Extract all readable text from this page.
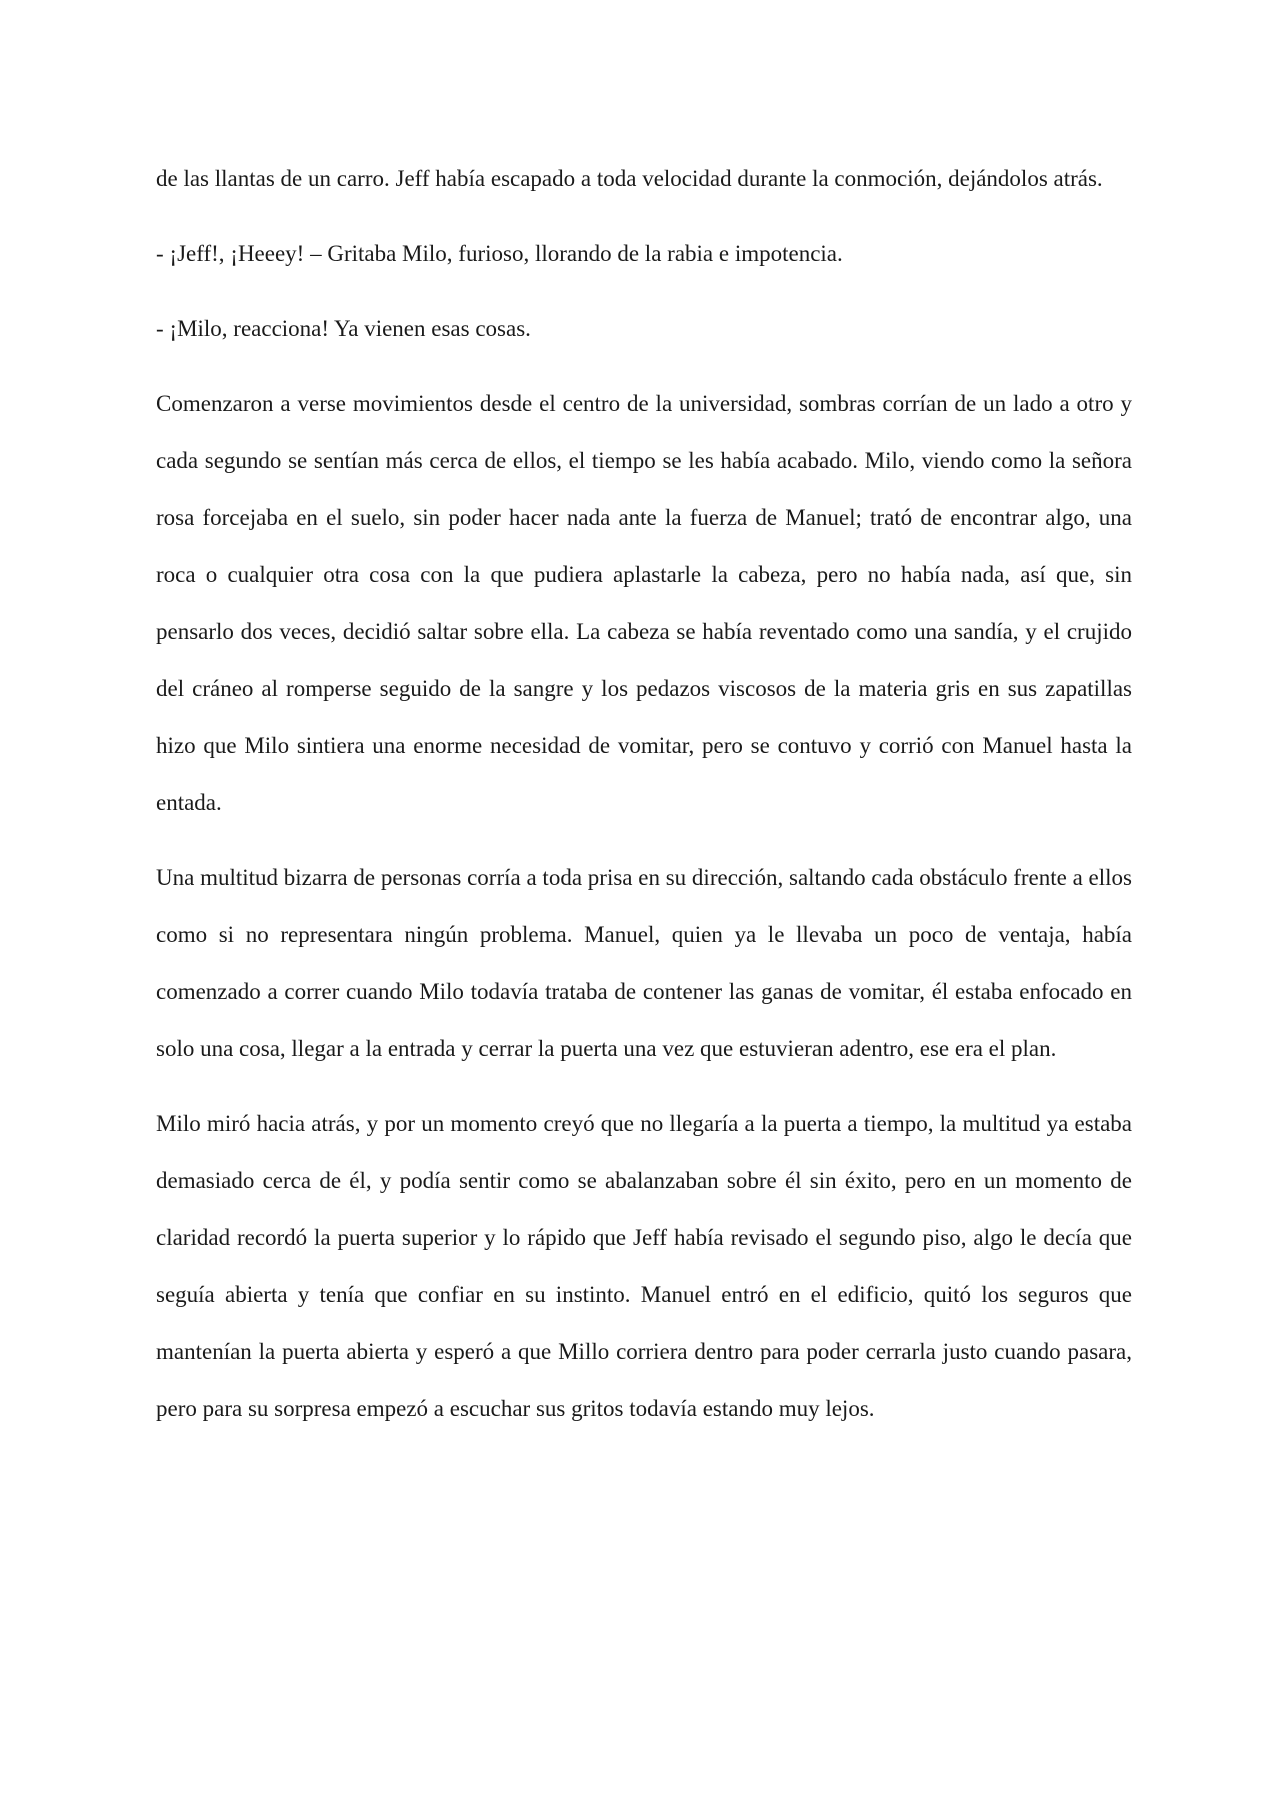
de las llantas de un carro. Jeff había escapado a toda velocidad durante la conmoción, dejándolos atrás.

- ¡Jeff!, ¡Heeey! – Gritaba Milo, furioso, llorando de la rabia e impotencia.

- ¡Milo, reacciona! Ya vienen esas cosas.

Comenzaron a verse movimientos desde el centro de la universidad, sombras corrían de un lado a otro y cada segundo se sentían más cerca de ellos, el tiempo se les había acabado. Milo, viendo como la señora rosa forcejaba en el suelo, sin poder hacer nada ante la fuerza de Manuel; trató de encontrar algo, una roca o cualquier otra cosa con la que pudiera aplastarle la cabeza, pero no había nada, así que, sin pensarlo dos veces, decidió saltar sobre ella. La cabeza se había reventado como una sandía, y el crujido del cráneo al romperse seguido de la sangre y los pedazos viscosos de la materia gris en sus zapatillas hizo que Milo sintiera una enorme necesidad de vomitar, pero se contuvo y corrió con Manuel hasta la entada.

Una multitud bizarra de personas corría a toda prisa en su dirección, saltando cada obstáculo frente a ellos como si no representara ningún problema. Manuel, quien ya le llevaba un poco de ventaja, había comenzado a correr cuando Milo todavía trataba de contener las ganas de vomitar, él estaba enfocado en solo una cosa, llegar a la entrada y cerrar la puerta una vez que estuvieran adentro, ese era el plan.

Milo miró hacia atrás, y por un momento creyó que no llegaría a la puerta a tiempo, la multitud ya estaba demasiado cerca de él, y podía sentir como se abalanzaban sobre él sin éxito, pero en un momento de claridad recordó la puerta superior y lo rápido que Jeff había revisado el segundo piso, algo le decía que seguía abierta y tenía que confiar en su instinto. Manuel entró en el edificio, quitó los seguros que mantenían la puerta abierta y esperó a que Millo corriera dentro para poder cerrarla justo cuando pasara, pero para su sorpresa empezó a escuchar sus gritos todavía estando muy lejos.
